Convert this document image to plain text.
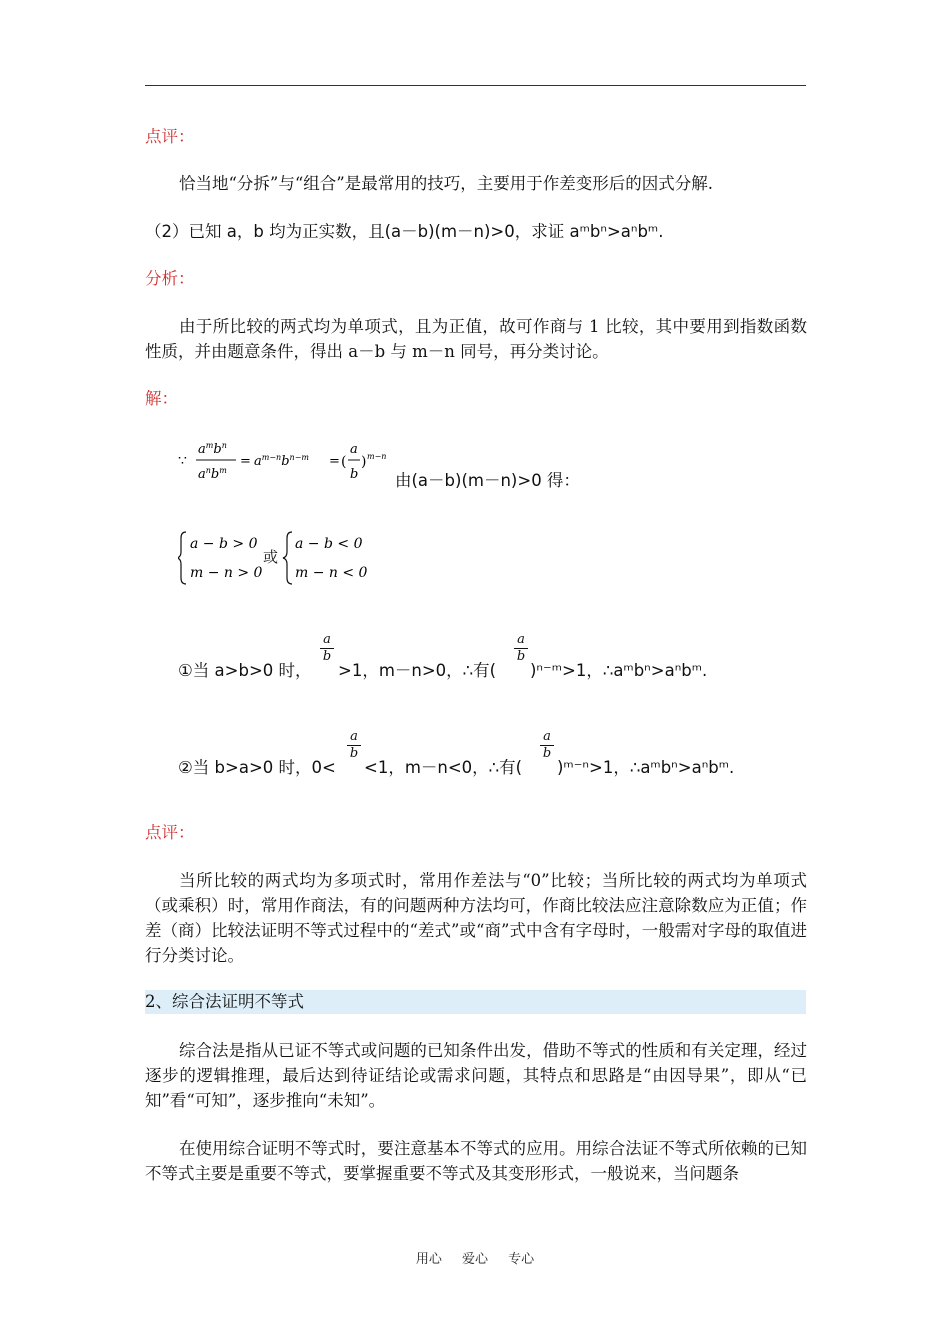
点评：
恰当地“分拆”与“组合”是最常用的技巧，主要用于作差变形后的因式分解.
（2）已知 a，b 均为正实数，且(a－b)(m－n)>0，求证 aᵐbⁿ>aⁿbᵐ.
分析：
由于所比较的两式均为单项式，且为正值，故可作商与 1 比较，其中要用到指数函数性质，并由题意条件，得出 a－b 与 m－n 同号，再分类讨论。
解：
∵
$a^mb^n$
$a^nb^m$
= $a^{m-n}b^{n-m}$ = (
a
b
) m−n
由(a－b)(m－n)>0 得：
a − b > 0
m − n > 0
a − b < 0
m − n < 0
或
①当 a>b>0 时，
a
b
>1，m－n>0，∴有(
a
b
)ⁿ⁻ᵐ>1，∴aᵐbⁿ>aⁿbᵐ.
②当 b>a>0 时，0<
a
b
<1，m－n<0，∴有(
a
b
)ᵐ⁻ⁿ>1，∴aᵐbⁿ>aⁿbᵐ.
点评：
当所比较的两式均为多项式时，常用作差法与“0”比较；当所比较的两式均为单项式（或乘积）时，常用作商法，有的问题两种方法均可，作商比较法应注意除数应为正值；作差（商）比较法证明不等式过程中的“差式”或“商”式中含有字母时，一般需对字母的取值进行分类讨论。
2、综合法证明不等式
综合法是指从已证不等式或问题的已知条件出发，借助不等式的性质和有关定理，经过逐步的逻辑推理，最后达到待证结论或需求问题，其特点和思路是“由因导果”，即从“已知”看“可知”，逐步推向“未知”。
在使用综合证明不等式时，要注意基本不等式的应用。用综合法证不等式所依赖的已知不等式主要是重要不等式，要掌握重要不等式及其变形形式，一般说来，当问题条
用心 爱心 专心
